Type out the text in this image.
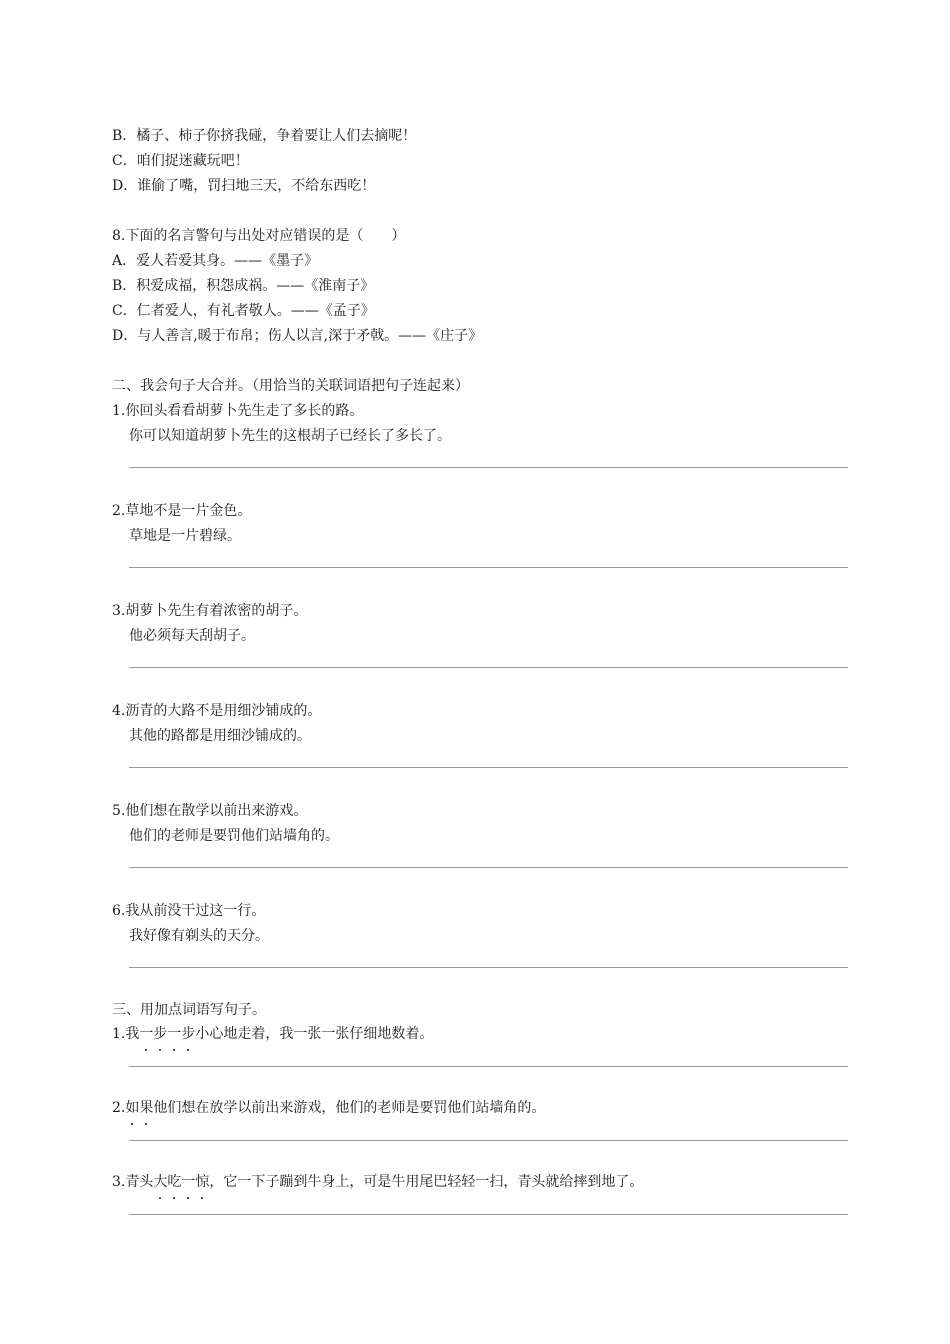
B．橘子、柿子你挤我碰，争着要让人们去摘呢！
C．咱们捉迷藏玩吧！
D．谁偷了嘴，罚扫地三天，不给东西吃！
8.下面的名言警句与出处对应错误的是（　　）
A．爱人若爱其身。——《墨子》
B．积爱成福，积怨成祸。——《淮南子》
C．仁者爱人，有礼者敬人。——《孟子》
D．与人善言,暖于布帛；伤人以言,深于矛戟。——《庄子》
二、我会句子大合并。（用恰当的关联词语把句子连起来）
1.你回头看看胡萝卜先生走了多长的路。
你可以知道胡萝卜先生的这根胡子已经长了多长了。
2.草地不是一片金色。
草地是一片碧绿。
3.胡萝卜先生有着浓密的胡子。
他必须每天刮胡子。
4.沥青的大路不是用细沙铺成的。
其他的路都是用细沙铺成的。
5.他们想在散学以前出来游戏。
他们的老师是要罚他们站墙角的。
6.我从前没干过这一行。
我好像有剃头的天分。
三、用加点词语写句子。
1.我一步一步小心地走着，我一张一张仔细地数着。
2.如果他们想在放学以前出来游戏，他们的老师是要罚他们站墙角的。
3.青头大吃一惊，它一下子蹦到牛身上，可是牛用尾巴轻轻一扫，青头就给摔到地了。
